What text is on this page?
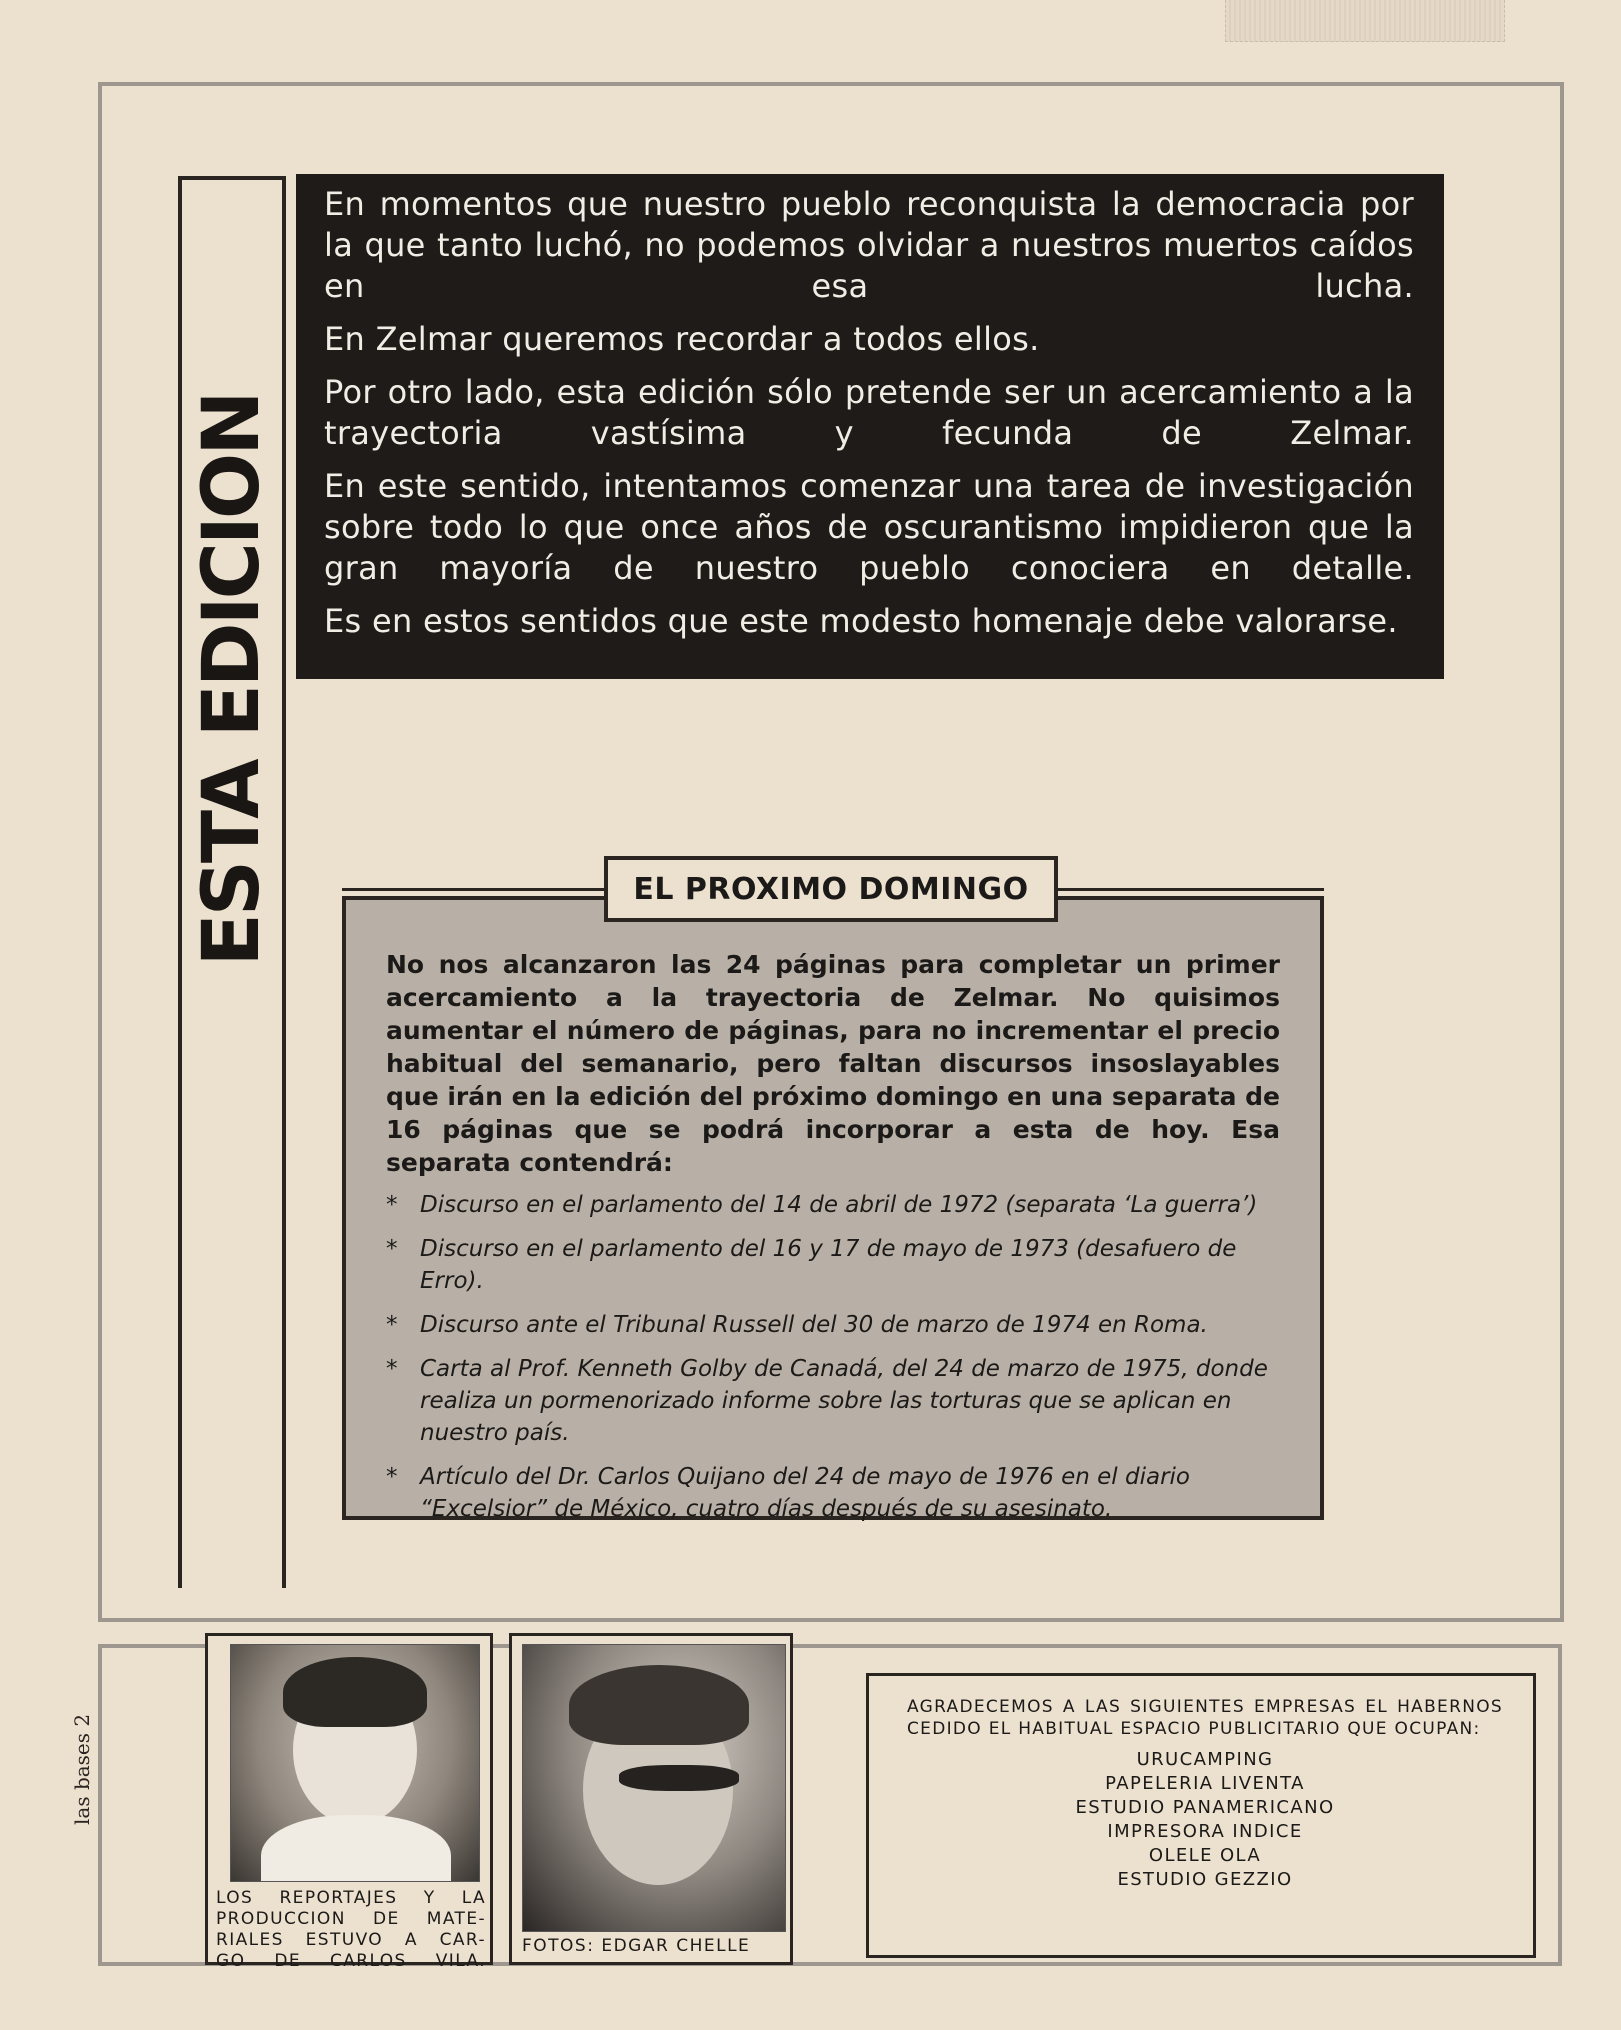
ESTA EDICION

En momentos que nuestro pueblo reconquista la democracia por la que tanto luchó, no podemos olvidar a nuestros muertos caídos en esa lucha.

En Zelmar queremos recordar a todos ellos.

Por otro lado, esta edición sólo pretende ser un acercamiento a la trayectoria vastísima y fecunda de Zelmar.

En este sentido, intentamos comenzar una tarea de investigación sobre todo lo que once años de oscurantismo impidieron que la gran mayoría de nuestro pueblo conociera en detalle.

Es en estos sentidos que este modesto homenaje debe valorarse.

No nos alcanzaron las 24 páginas para completar un primer acercamiento a la trayectoria de Zelmar. No quisimos aumentar el número de páginas, para no incrementar el precio habitual del semanario, pero faltan discursos insoslayables que irán en la edición del próximo domingo en una separata de 16 páginas que se podrá incorporar a esta de hoy. Esa separata contendrá:

* Discurso en el parlamento del 14 de abril de 1972 (separata ‘La guerra’)
* Discurso en el parlamento del 16 y 17 de mayo de 1973 (desafuero de Erro).
* Discurso ante el Tribunal Russell del 30 de marzo de 1974 en Roma.
* Carta al Prof. Kenneth Golby de Canadá, del 24 de marzo de 1975, donde realiza un pormenorizado informe sobre las torturas que se aplican en nuestro país.
* Artículo del Dr. Carlos Quijano del 24 de mayo de 1976 en el diario “Excelsior” de México, cuatro días después de su asesinato.
EL PROXIMO DOMINGO
las bases 2
LOS REPORTAJES Y LA
PRODUCCION DE MATE-
RIALES ESTUVO A CAR-
GO DE CARLOS VILA.
FOTOS: EDGAR CHELLE

AGRADECEMOS A LAS SIGUIENTES EMPRESAS EL HABERNOS CEDIDO EL HABITUAL ESPACIO PUBLICITARIO QUE OCUPAN:

URUCAMPING
PAPELERIA LIVENTA
ESTUDIO PANAMERICANO
IMPRESORA INDICE
OLELE OLA
ESTUDIO GEZZIO
